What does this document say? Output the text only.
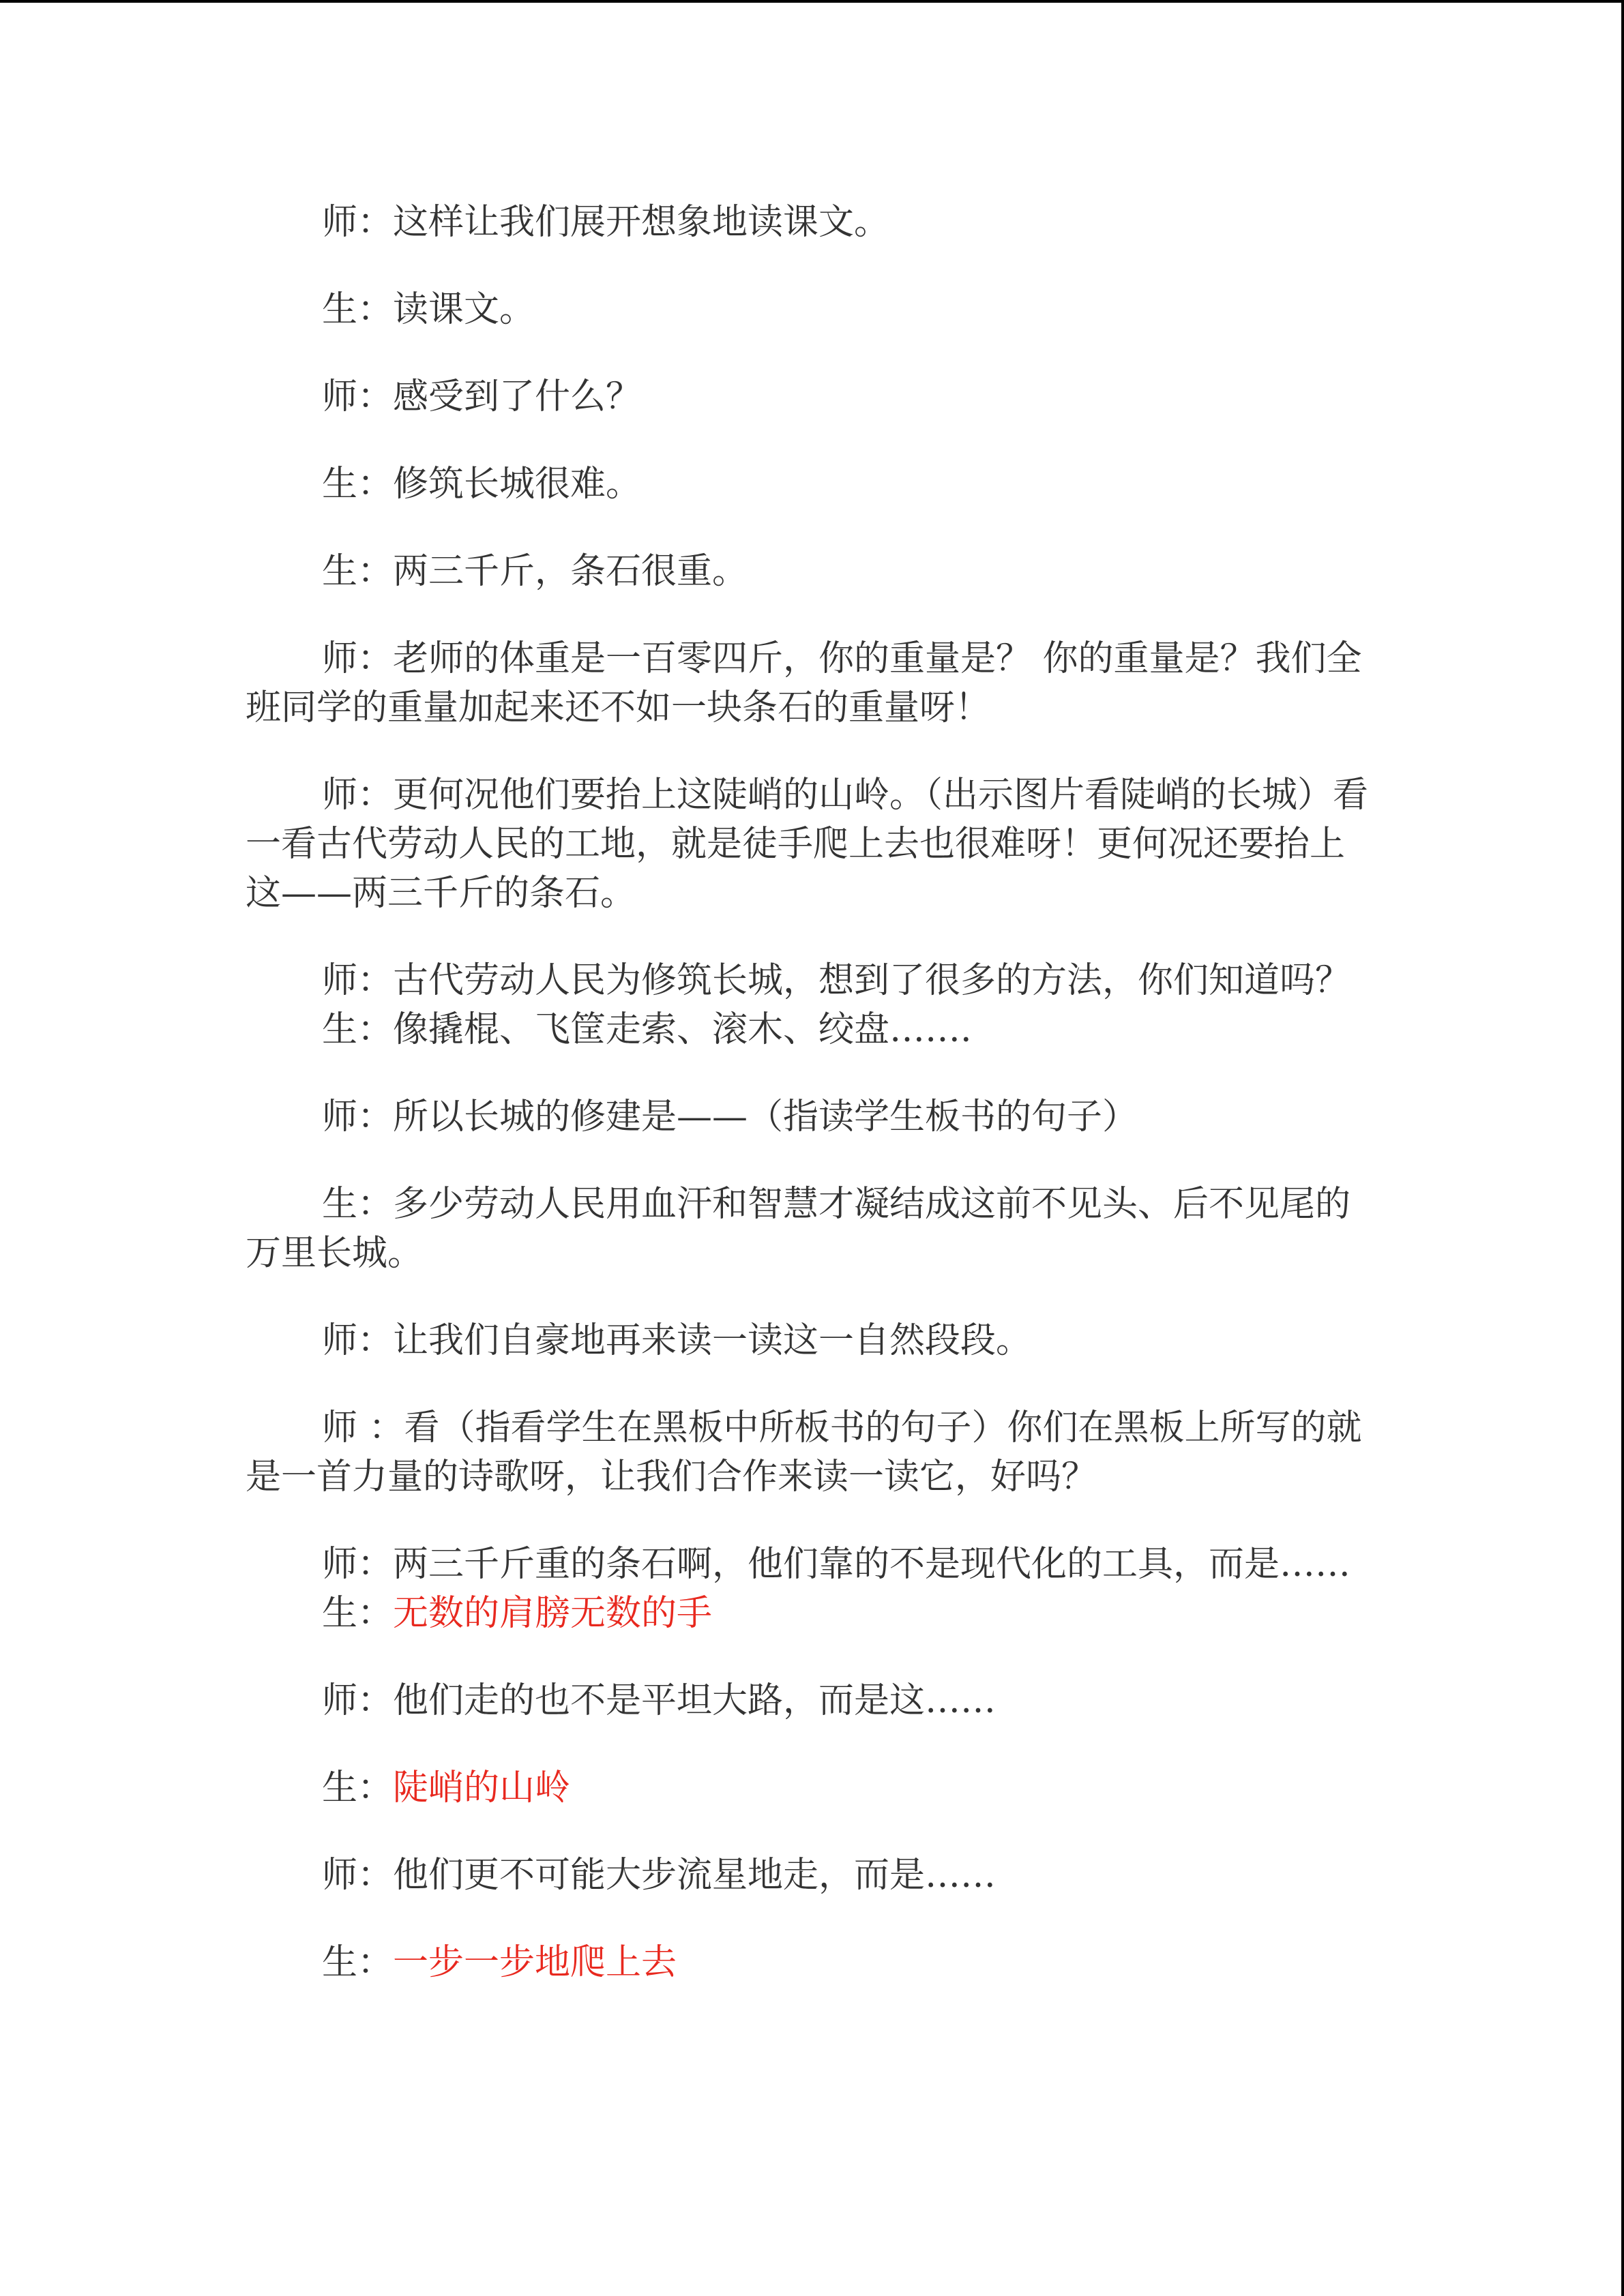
师：这样让我们展开想象地读课文。

生：读课文。

师：感受到了什么？

生：修筑长城很难。

生：两三千斤，条石很重。

师：老师的体重是一百零四斤，你的重量是？ 你的重量是？我们全班同学的重量加起来还不如一块条石的重量呀！

师：更何况他们要抬上这陡峭的山岭。（出示图片看陡峭的长城）看一看古代劳动人民的工地，就是徒手爬上去也很难呀！更何况还要抬上这——两三千斤的条石。

师：古代劳动人民为修筑长城，想到了很多的方法，你们知道吗？生：像撬棍、飞筐走索、滚木、绞盘…….

师：所以长城的修建是——（指读学生板书的句子）

生：多少劳动人民用血汗和智慧才凝结成这前不见头、后不见尾的万里长城。

师：让我们自豪地再来读一读这一自然段段。

师 ：看（指看学生在黑板中所板书的句子）你们在黑板上所写的就是一首力量的诗歌呀，让我们合作来读一读它，好吗？

师：两三千斤重的条石啊，他们靠的不是现代化的工具，而是……生：无数的肩膀无数的手

师：他们走的也不是平坦大路，而是这……

生：陡峭的山岭

师：他们更不可能大步流星地走，而是……

生：一步一步地爬上去
